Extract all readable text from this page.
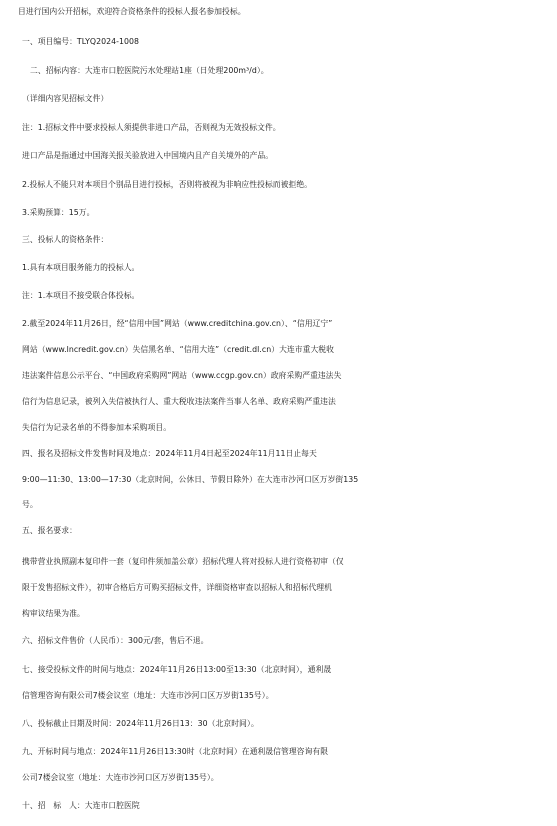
目进行国内公开招标，欢迎符合资格条件的投标人报名参加投标。
一、项目编号：TLYQ2024-1008
二、招标内容：大连市口腔医院污水处理站1座（日处理200m³/d）。
（详细内容见招标文件）
注：1.招标文件中要求投标人须提供非进口产品，否则视为无效投标文件。
进口产品是指通过中国海关报关验放进入中国境内且产自关境外的产品。
2.投标人不能只对本项目个别品目进行投标，否则将被视为非响应性投标而被拒绝。
3.采购预算：15万。
三、投标人的资格条件：
1.具有本项目服务能力的投标人。
注：1.本项目不接受联合体投标。
2.截至2024年11月26日，经“信用中国”网站（www.creditchina.gov.cn）、“信用辽宁”
网站（www.lncredit.gov.cn）失信黑名单、“信用大连”（credit.dl.cn）大连市重大税收
违法案件信息公示平台、“中国政府采购网”网站（www.ccgp.gov.cn）政府采购严重违法失
信行为信息记录，被列入失信被执行人、重大税收违法案件当事人名单、政府采购严重违法
失信行为记录名单的不得参加本采购项目。
四、报名及招标文件发售时间及地点：2024年11月4日起至2024年11月11日止每天
9:00—11:30、13:00—17:30（北京时间，公休日、节假日除外）在大连市沙河口区万岁街135
号。
五、报名要求：
携带营业执照副本复印件一套（复印件须加盖公章）招标代理人将对投标人进行资格初审（仅
限于发售招标文件），初审合格后方可购买招标文件，详细资格审查以招标人和招标代理机
构审议结果为准。
六、招标文件售价（人民币）：300元/套，售后不退。
七、接受投标文件的时间与地点：2024年11月26日13:00至13:30（北京时间），通利晟
信管理咨询有限公司7楼会议室（地址：大连市沙河口区万岁街135号）。
八、投标截止日期及时间：2024年11月26日13：30（北京时间）。
九、开标时间与地点：2024年11月26日13:30时（北京时间）在通利晟信管理咨询有限
公司7楼会议室（地址：大连市沙河口区万岁街135号）。
十、招　标　人：大连市口腔医院
